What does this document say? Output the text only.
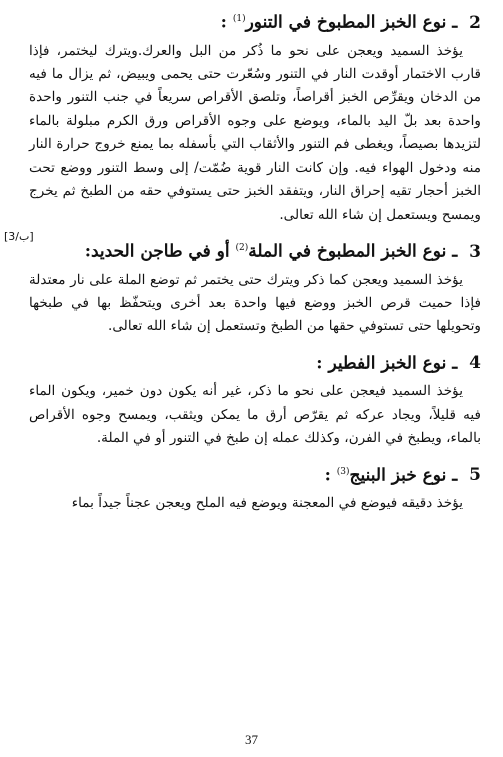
2 ـ نوع الخبز المطبوخ في التنور$^{(1)}$ :

يؤخذ السميد ويعجن على نحو ما ذُكر من البل والعرك.ويترك ليختمر، فإذا قارب الاختمار أوقدت النار في التنور وسُعّرت حتى يحمى ويبيض، ثم يزال ما فيه من الدخان ويقرِّص الخبز أقراصاً، وتلصق الأقراص سريعاً في جنب التنور واحدة واحدة بعد بلّ اليد بالماء، ويوضع على وجوه الأقراص ورق الكرم مبلولة بالماء لتزيدها بصيصاً، ويغطى فم التنور والأثقاب التي بأسفله بما يمنع خروج حرارة النار منه ودخول الهواء فيه. وإن كانت النار قوية ضُمّت/ إلى وسط التنور ووضع تحت الخبز أحجار تقيه إحراق النار، ويتفقد الخبز حتى يستوفي حقه من الطبخ ثم يخرج ويمسح ويستعمل إن شاء الله تعالى.

3 ـ نوع الخبز المطبوخ في الملة$^{(2)}$ أو في طاجن الحديد:

يؤخذ السميد ويعجن كما ذكر ويترك حتى يختمر ثم توضع الملة على نار معتدلة فإذا حميت قرص الخبز ووضع فيها واحدة بعد أخرى ويتحفّظ بها في طبخها وتحويلها حتى تستوفي حقها من الطبخ وتستعمل إن شاء الله تعالى.

4 ـ نوع الخبز الفطير :

يؤخذ السميد فيعجن على نحو ما ذكر، غير أنه يكون دون خمير، ويكون الماء فيه قليلاً، ويجاد عركه ثم يقرّص أرق ما يمكن ويثقب، ويمسح وجوه الأقراص بالماء، ويطبخ في الفرن، وكذلك عمله إن طبخ في التنور أو في الملة.

5 ـ نوع خبز البنيج$^{(3)}$ :

يؤخذ دقيقه فيوضع في المعجنة ويوضع فيه الملح ويعجن عجناً جيداً بماء

[3/ب]
37
